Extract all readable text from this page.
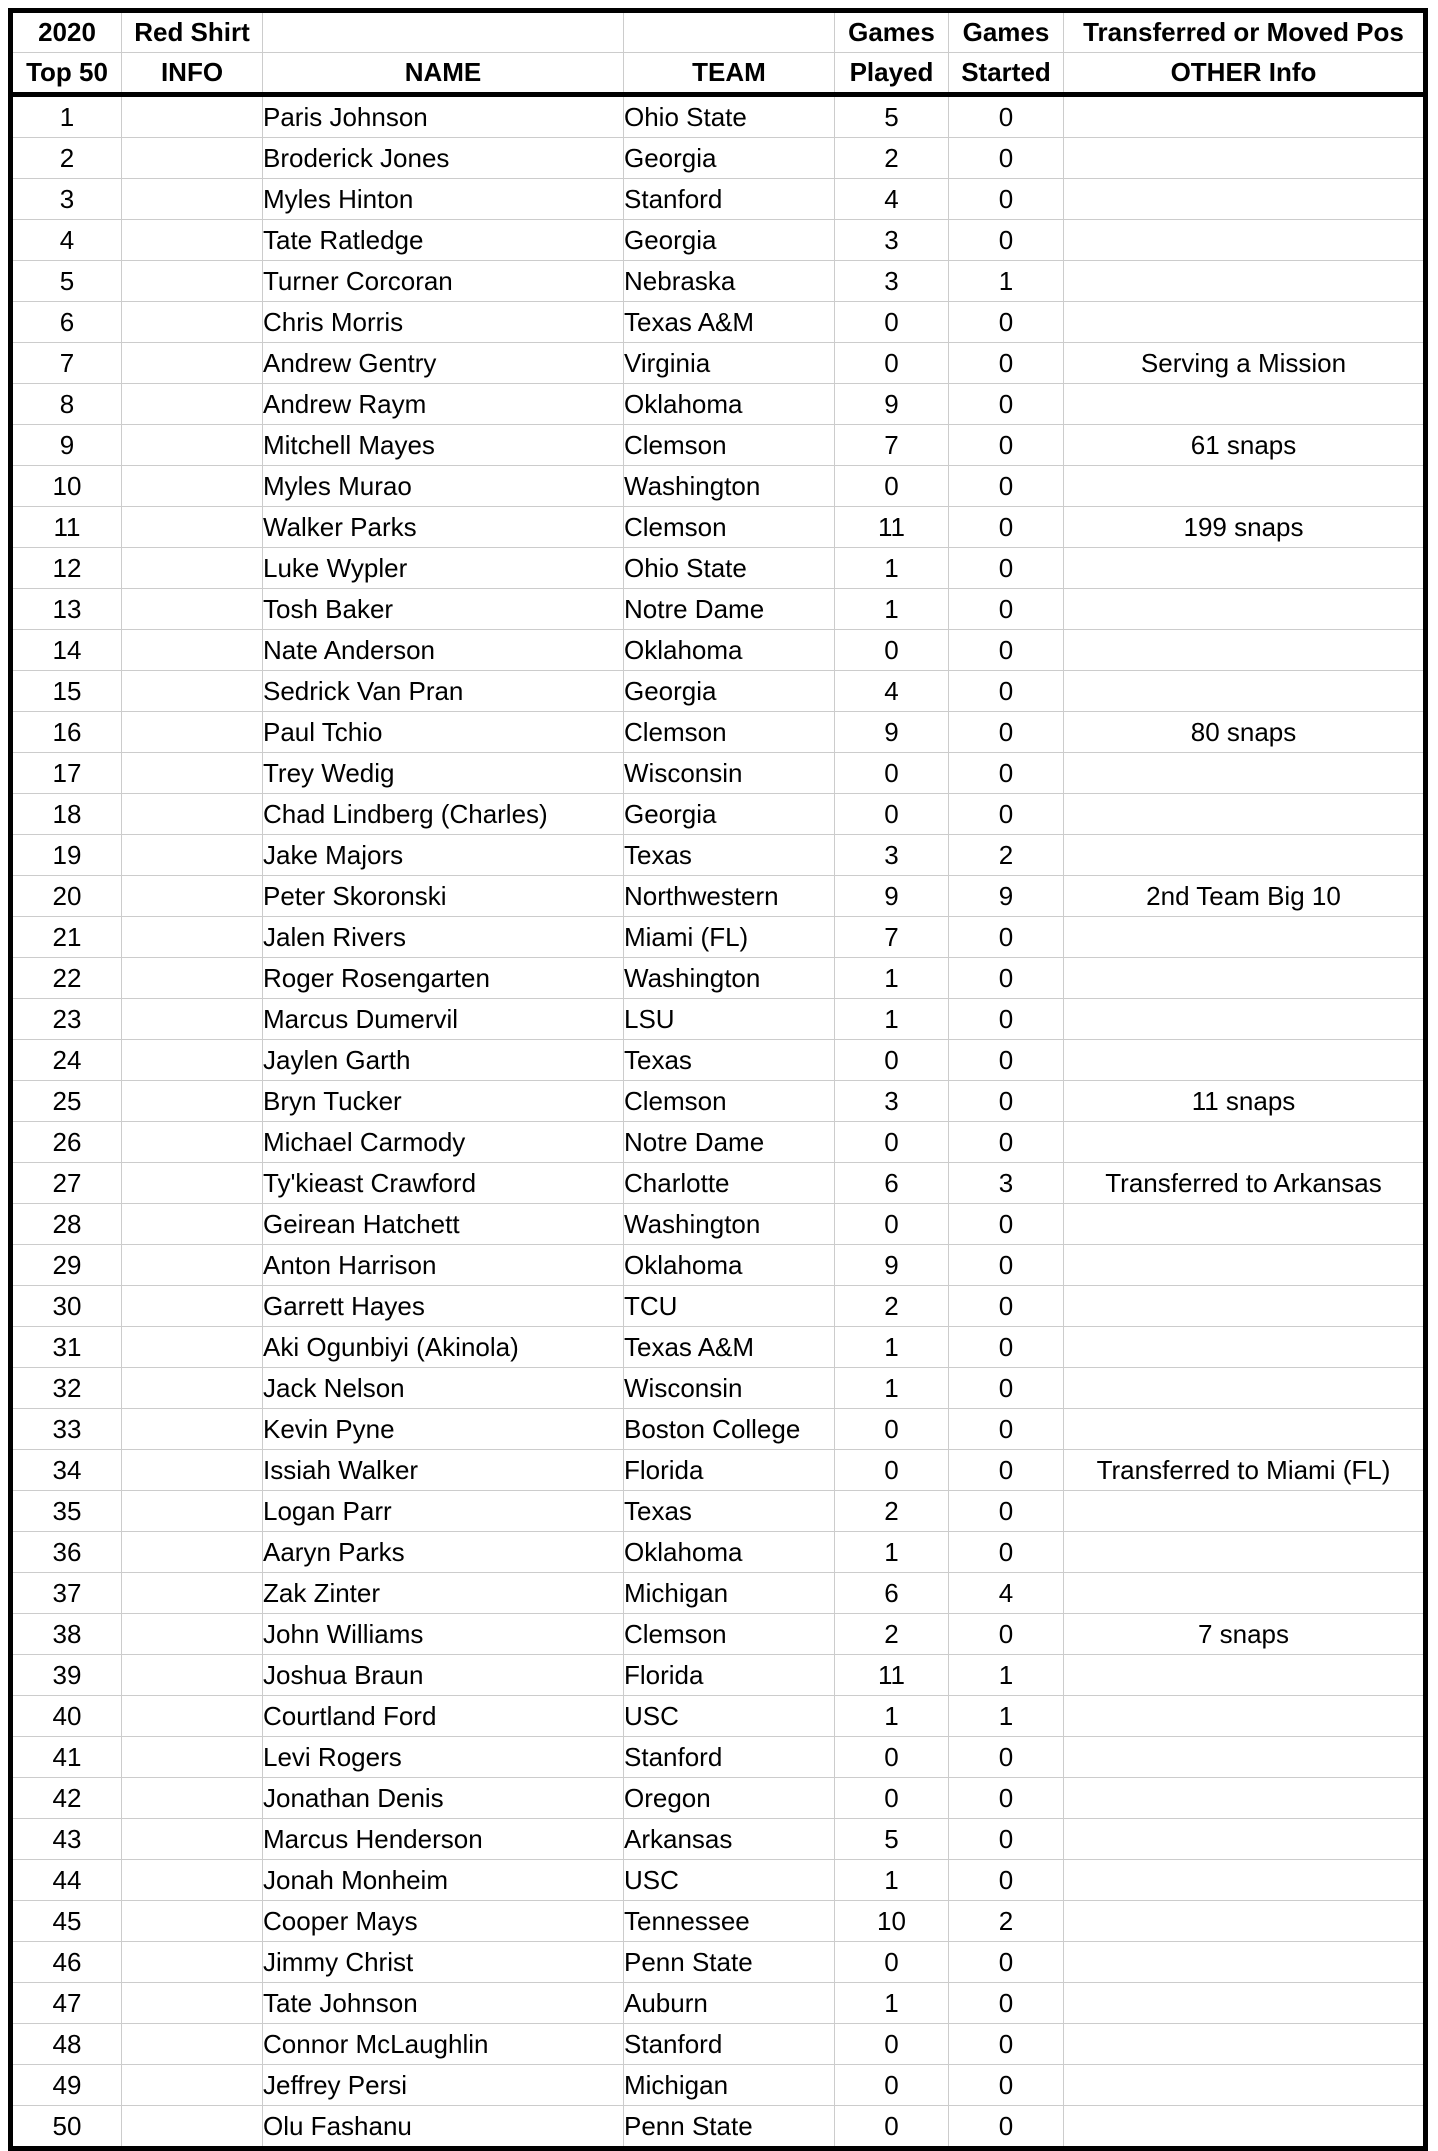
2020	Red Shirt			Games	Games	Transferred or Moved Pos
Top 50	INFO	NAME	TEAM	Played	Started	OTHER Info
1		Paris Johnson	Ohio State	5	0	
2		Broderick Jones	Georgia	2	0	
3		Myles Hinton	Stanford	4	0	
4		Tate Ratledge	Georgia	3	0	
5		Turner Corcoran	Nebraska	3	1	
6		Chris Morris	Texas A&M	0	0	
7		Andrew Gentry	Virginia	0	0	Serving a Mission
8		Andrew Raym	Oklahoma	9	0	
9		Mitchell Mayes	Clemson	7	0	61 snaps
10		Myles Murao	Washington	0	0	
11		Walker Parks	Clemson	11	0	199 snaps
12		Luke Wypler	Ohio State	1	0	
13		Tosh Baker	Notre Dame	1	0	
14		Nate Anderson	Oklahoma	0	0	
15		Sedrick Van Pran	Georgia	4	0	
16		Paul Tchio	Clemson	9	0	80 snaps
17		Trey Wedig	Wisconsin	0	0	
18		Chad Lindberg (Charles)	Georgia	0	0	
19		Jake Majors	Texas	3	2	
20		Peter Skoronski	Northwestern	9	9	2nd Team Big 10
21		Jalen Rivers	Miami (FL)	7	0	
22		Roger Rosengarten	Washington	1	0	
23		Marcus Dumervil	LSU	1	0	
24		Jaylen Garth	Texas	0	0	
25		Bryn Tucker	Clemson	3	0	11 snaps
26		Michael Carmody	Notre Dame	0	0	
27		Ty'kieast Crawford	Charlotte	6	3	Transferred to Arkansas
28		Geirean Hatchett	Washington	0	0	
29		Anton Harrison	Oklahoma	9	0	
30		Garrett Hayes	TCU	2	0	
31		Aki Ogunbiyi (Akinola)	Texas A&M	1	0	
32		Jack Nelson	Wisconsin	1	0	
33		Kevin Pyne	Boston College	0	0	
34		Issiah Walker	Florida	0	0	Transferred to Miami (FL)
35		Logan Parr	Texas	2	0	
36		Aaryn Parks	Oklahoma	1	0	
37		Zak Zinter	Michigan	6	4	
38		John Williams	Clemson	2	0	7 snaps
39		Joshua Braun	Florida	11	1	
40		Courtland Ford	USC	1	1	
41		Levi Rogers	Stanford	0	0	
42		Jonathan Denis	Oregon	0	0	
43		Marcus Henderson	Arkansas	5	0	
44		Jonah Monheim	USC	1	0	
45		Cooper Mays	Tennessee	10	2	
46		Jimmy Christ	Penn State	0	0	
47		Tate Johnson	Auburn	1	0	
48		Connor McLaughlin	Stanford	0	0	
49		Jeffrey Persi	Michigan	0	0	
50		Olu Fashanu	Penn State	0	0	
